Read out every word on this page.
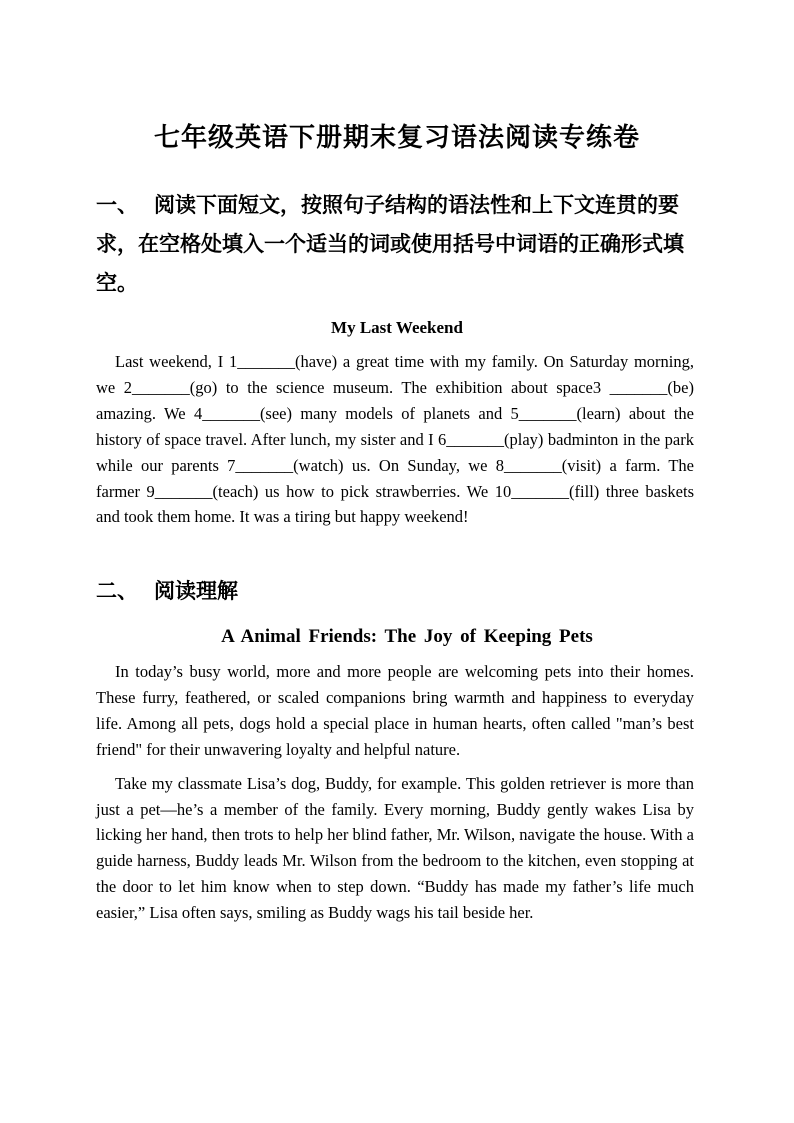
七年级英语下册期末复习语法阅读专练卷
一、 阅读下面短文，按照句子结构的语法性和上下文连贯的要求，在空格处填入一个适当的词或使用括号中词语的正确形式填空。
My Last Weekend
Last weekend, I 1_______(have) a great time with my family. On Saturday morning, we 2_______(go) to the science museum. The exhibition about space3 _______(be) amazing. We 4_______(see) many models of planets and 5_______(learn) about the history of space travel. After lunch, my sister and I 6_______(play) badminton in the park while our parents 7_______(watch) us. On Sunday, we 8_______(visit) a farm. The farmer 9_______(teach) us how to pick strawberries. We 10_______(fill) three baskets and took them home. It was a tiring but happy weekend!
二、 阅读理解
A Animal Friends: The Joy of Keeping Pets

In today’s busy world, more and more people are welcoming pets into their homes. These furry, feathered, or scaled companions bring warmth and happiness to everyday life. Among all pets, dogs hold a special place in human hearts, often called "man’s best friend" for their unwavering loyalty and helpful nature.

Take my classmate Lisa’s dog, Buddy, for example. This golden retriever is more than just a pet—he’s a member of the family. Every morning, Buddy gently wakes Lisa by licking her hand, then trots to help her blind father, Mr. Wilson, navigate the house. With a guide harness, Buddy leads Mr. Wilson from the bedroom to the kitchen, even stopping at the door to let him know when to step down. “Buddy has made my father’s life much easier,” Lisa often says, smiling as Buddy wags his tail beside her.
